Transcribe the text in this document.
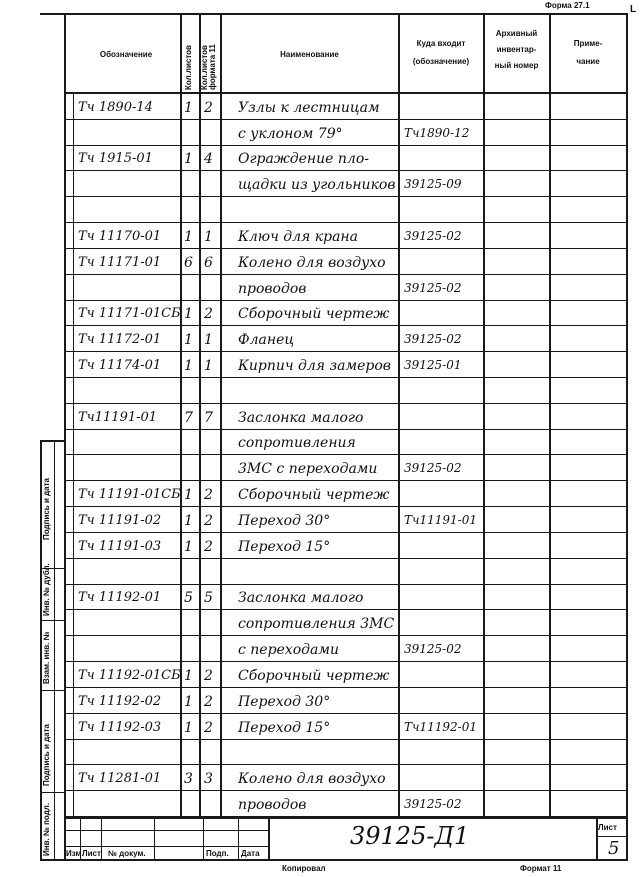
Форма 27.1	L
Обозначение	Кол.листов Кол.листов формата 11	Наименование
Куда входит
(обозначение)
Архивный
инвентар-
ный номер
Приме-
чание
Тч 1890-14 1 2 Узлы к лестницам
с уклоном 79°	Тч1890-12
Тч 1915-01 1 4 Ограждение пло-
щадки из угольников 39125-09
Тч 11170-01 1 1 Ключ для крана	39125-02
Тч 11171-01 6 6 Колено для воздухо
проводов	39125-02
Тч 11171-01СБ 1 2 Сборочный чертеж
Тч 11172-01 1 1 Фланец	39125-02
Тч 11174-01 1 1 Кирпич для замеров 39125-01
Тч11191-01 7 7 Заслонка малого
сопротивления
3МС с переходами 39125-02
Тч 11191-01СБ 1 2 Сборочный чертеж
Тч 11191-02 1 2 Переход 30°	Тч11191-01
Тч 11191-03 1 2 Переход 15°
Тч 11192-01 5 5 Заслонка малого
сопротивления 3МС
с переходами	39125-02
Тч 11192-01СБ 1 2 Сборочный чертеж
Тч 11192-02 1 2 Переход 30°
Тч 11192-03 1 2 Переход 15°	Тч11192-01
Тч 11281-01 3 3 Колено для воздухо
проводов	39125-02
Инв. № подл.
Подпись и дата
Взам. инв. №
Инв. № дубл.
Подпись и дата
Изм Лист № докум.	Подп. Дата
Лист
5
39125-Д1
Копировал	Формат 11
